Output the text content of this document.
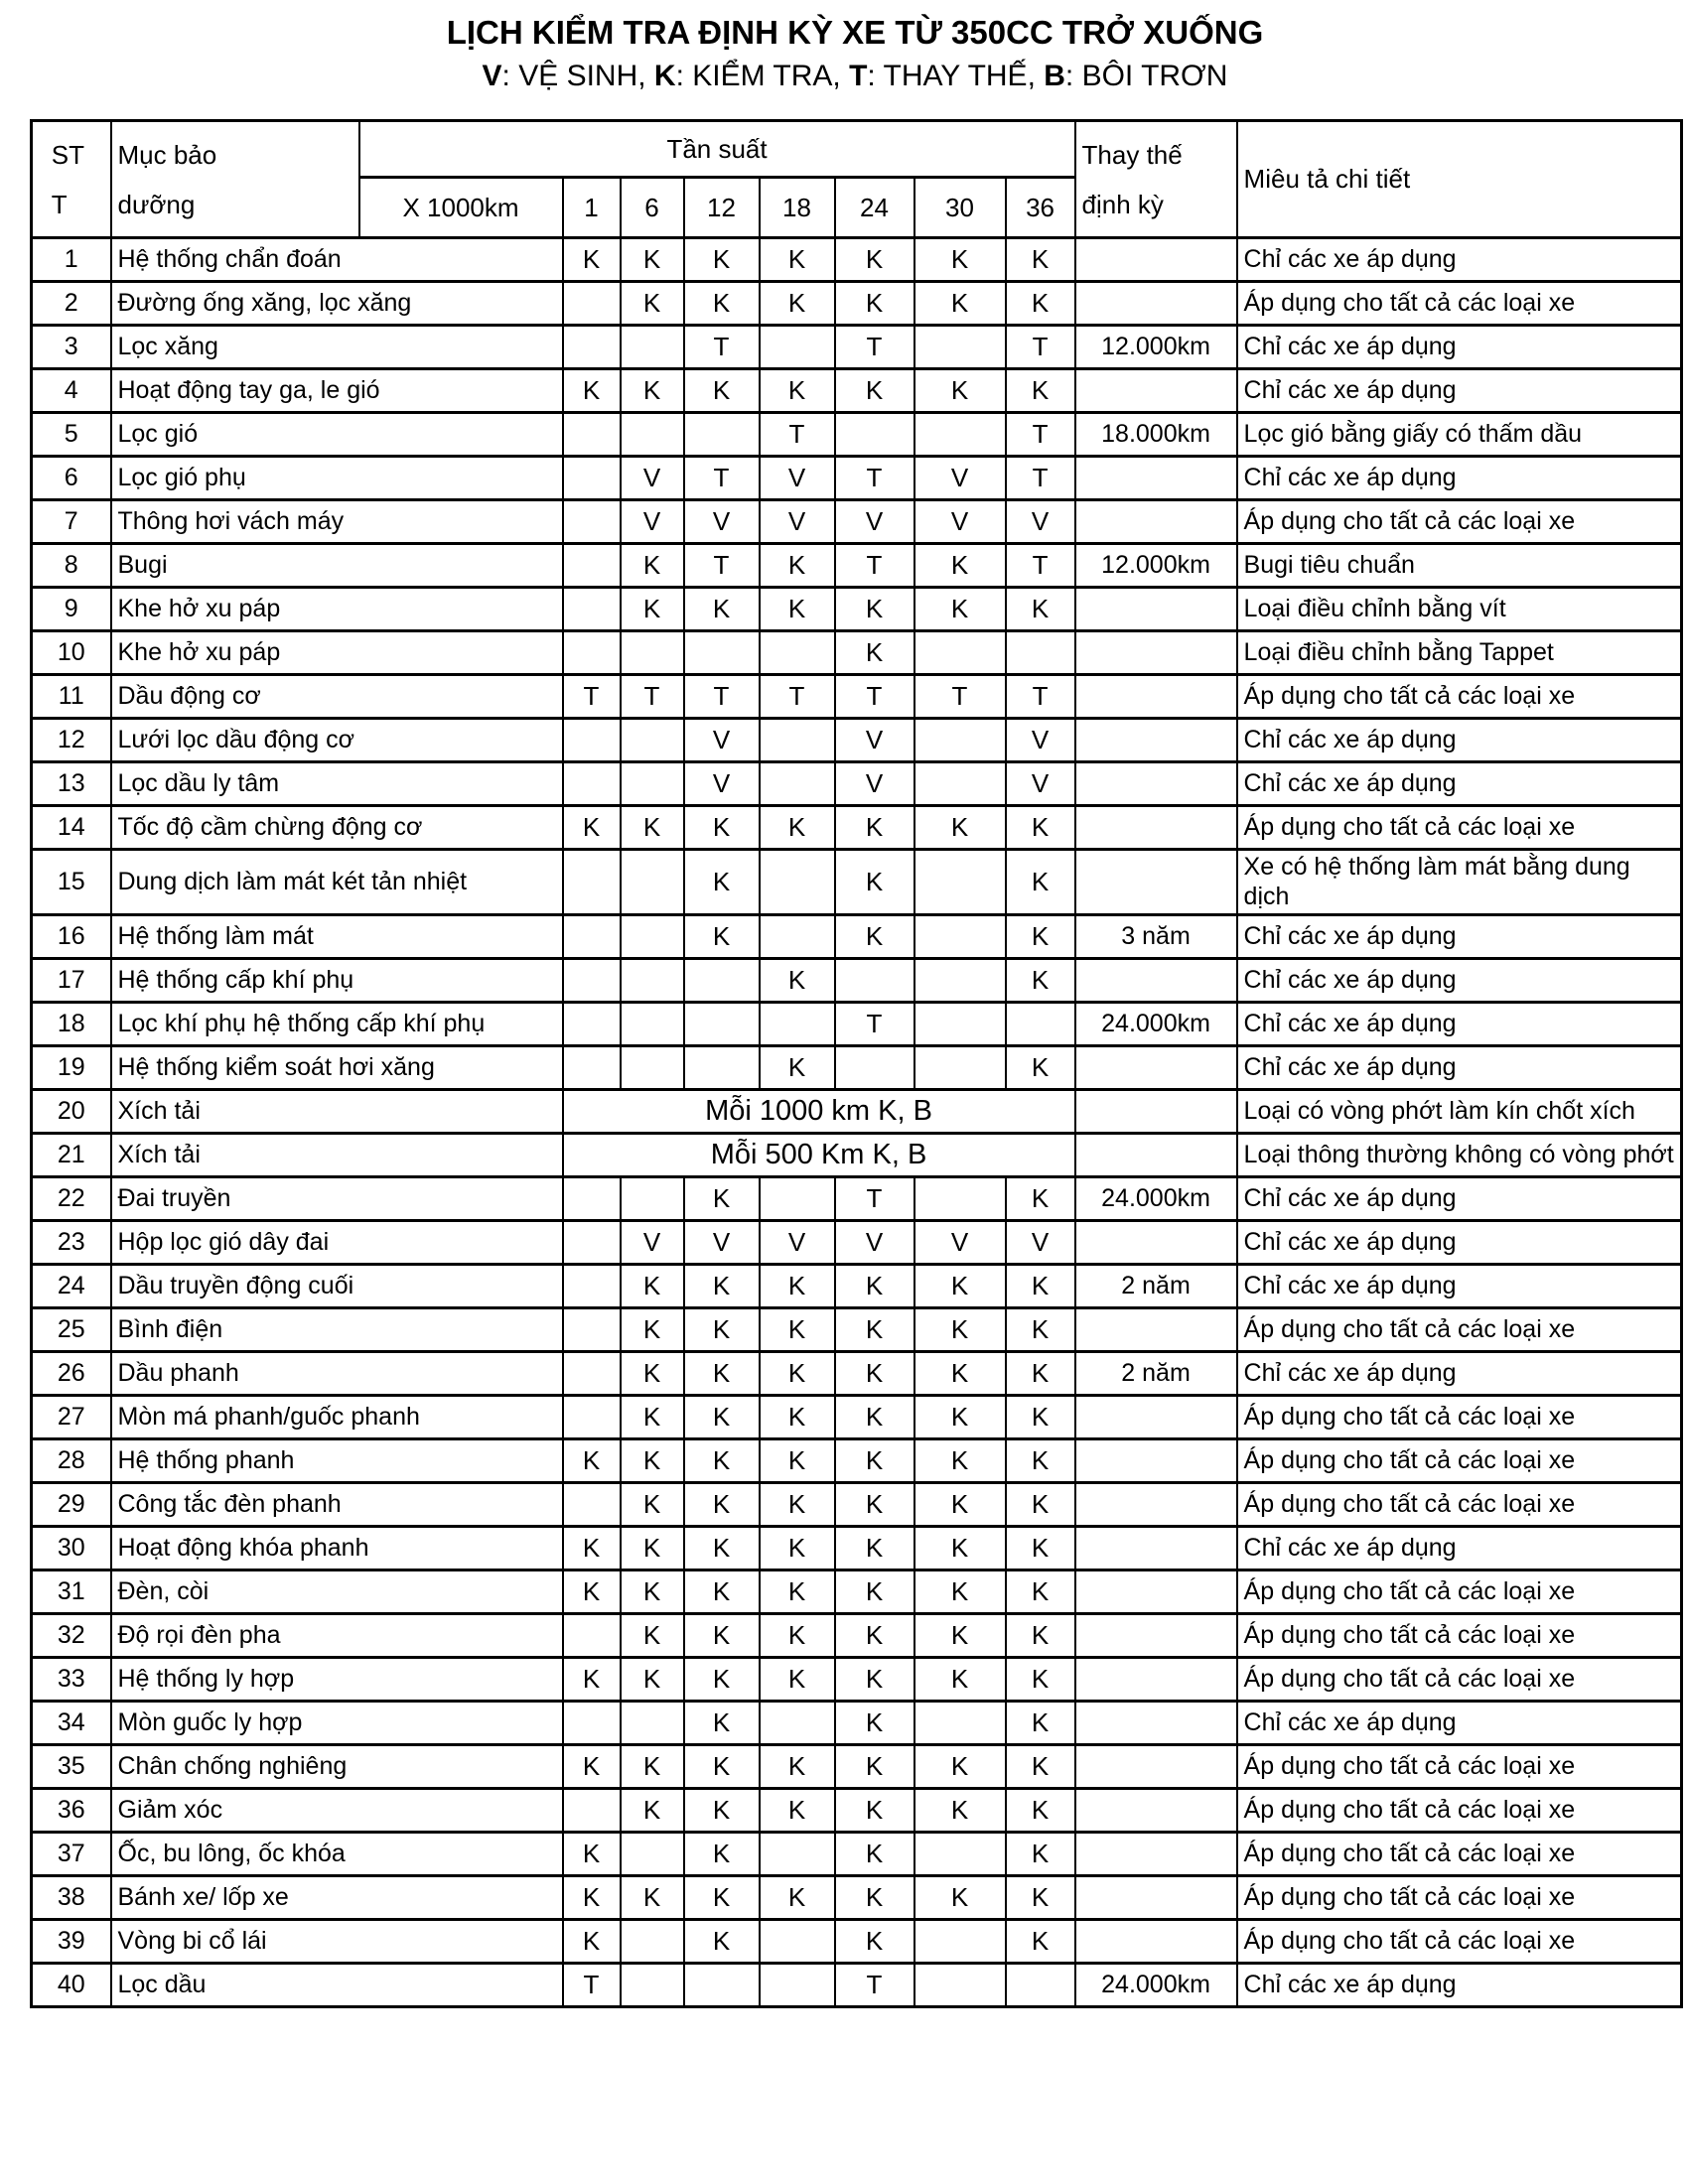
LỊCH KIỂM TRA ĐỊNH KỲ XE TỪ 350CC TRỞ XUỐNG
V: VỆ SINH, K: KIỂM TRA, T: THAY THẾ, B: BÔI TRƠN
STT	Mục bảo dưỡng	Tần suất								Thay thế định kỳ	Miêu tả chi tiết
		X 1000km	1	6	12	18	24	30	36		
1	Hệ thống chẩn đoán		K	K	K	K	K	K	K		Chỉ các xe áp dụng
2	Đường ống xăng, lọc xăng			K	K	K	K	K	K		Áp dụng cho tất cả các loại xe
3	Lọc xăng				T		T		T	12.000km	Chỉ các xe áp dụng
4	Hoạt động tay ga, le gió		K	K	K	K	K	K	K		Chỉ các xe áp dụng
5	Lọc gió					T			T	18.000km	Lọc gió bằng giấy có thấm dầu
6	Lọc gió phụ			V	T	V	T	V	T		Chỉ các xe áp dụng
7	Thông hơi vách máy			V	V	V	V	V	V		Áp dụng cho tất cả các loại xe
8	Bugi			K	T	K	T	K	T	12.000km	Bugi tiêu chuẩn
9	Khe hở xu páp			K	K	K	K	K	K		Loại điều chỉnh bằng vít
10	Khe hở xu páp						K				Loại điều chỉnh bằng Tappet
11	Dầu động cơ		T	T	T	T	T	T	T		Áp dụng cho tất cả các loại xe
12	Lưới lọc dầu động cơ				V		V		V		Chỉ các xe áp dụng
13	Lọc dầu ly tâm				V		V		V		Chỉ các xe áp dụng
14	Tốc độ cầm chừng động cơ		K	K	K	K	K	K	K		Áp dụng cho tất cả các loại xe
15	Dung dịch làm mát két tản nhiệt				K		K		K		Xe có hệ thống làm mát bằng dung dịch
16	Hệ thống làm mát				K		K		K	3 năm	Chỉ các xe áp dụng
17	Hệ thống cấp khí phụ					K			K		Chỉ các xe áp dụng
18	Lọc khí phụ hệ thống cấp khí phụ						T			24.000km	Chỉ các xe áp dụng
19	Hệ thống kiểm soát hơi xăng					K			K		Chỉ các xe áp dụng
20	Xích tải		Mỗi 1000 km K, B								Loại có vòng phớt làm kín chốt xích
21	Xích tải		Mỗi 500 Km K, B								Loại thông thường không có vòng phớt
22	Đai truyền				K		T		K	24.000km	Chỉ các xe áp dụng
23	Hộp lọc gió dây đai			V	V	V	V	V	V		Chỉ các xe áp dụng
24	Dầu truyền động cuối			K	K	K	K	K	K	2 năm	Chỉ các xe áp dụng
25	Bình điện			K	K	K	K	K	K		Áp dụng cho tất cả các loại xe
26	Dầu phanh			K	K	K	K	K	K	2 năm	Chỉ các xe áp dụng
27	Mòn má phanh/guốc phanh			K	K	K	K	K	K		Áp dụng cho tất cả các loại xe
28	Hệ thống phanh		K	K	K	K	K	K	K		Áp dụng cho tất cả các loại xe
29	Công tắc đèn phanh			K	K	K	K	K	K		Áp dụng cho tất cả các loại xe
30	Hoạt động khóa phanh		K	K	K	K	K	K	K		Chỉ các xe áp dụng
31	Đèn, còi		K	K	K	K	K	K	K		Áp dụng cho tất cả các loại xe
32	Độ rọi đèn pha			K	K	K	K	K	K		Áp dụng cho tất cả các loại xe
33	Hệ thống ly hợp		K	K	K	K	K	K	K		Áp dụng cho tất cả các loại xe
34	Mòn guốc ly hợp				K		K		K		Chỉ các xe áp dụng
35	Chân chống nghiêng		K	K	K	K	K	K	K		Áp dụng cho tất cả các loại xe
36	Giảm xóc			K	K	K	K	K	K		Áp dụng cho tất cả các loại xe
37	Ốc, bu lông, ốc khóa		K		K		K		K		Áp dụng cho tất cả các loại xe
38	Bánh xe/ lốp xe		K	K	K	K	K	K	K		Áp dụng cho tất cả các loại xe
39	Vòng bi cổ lái		K		K		K		K		Áp dụng cho tất cả các loại xe
40	Lọc dầu		T				T			24.000km	Chỉ các xe áp dụng
